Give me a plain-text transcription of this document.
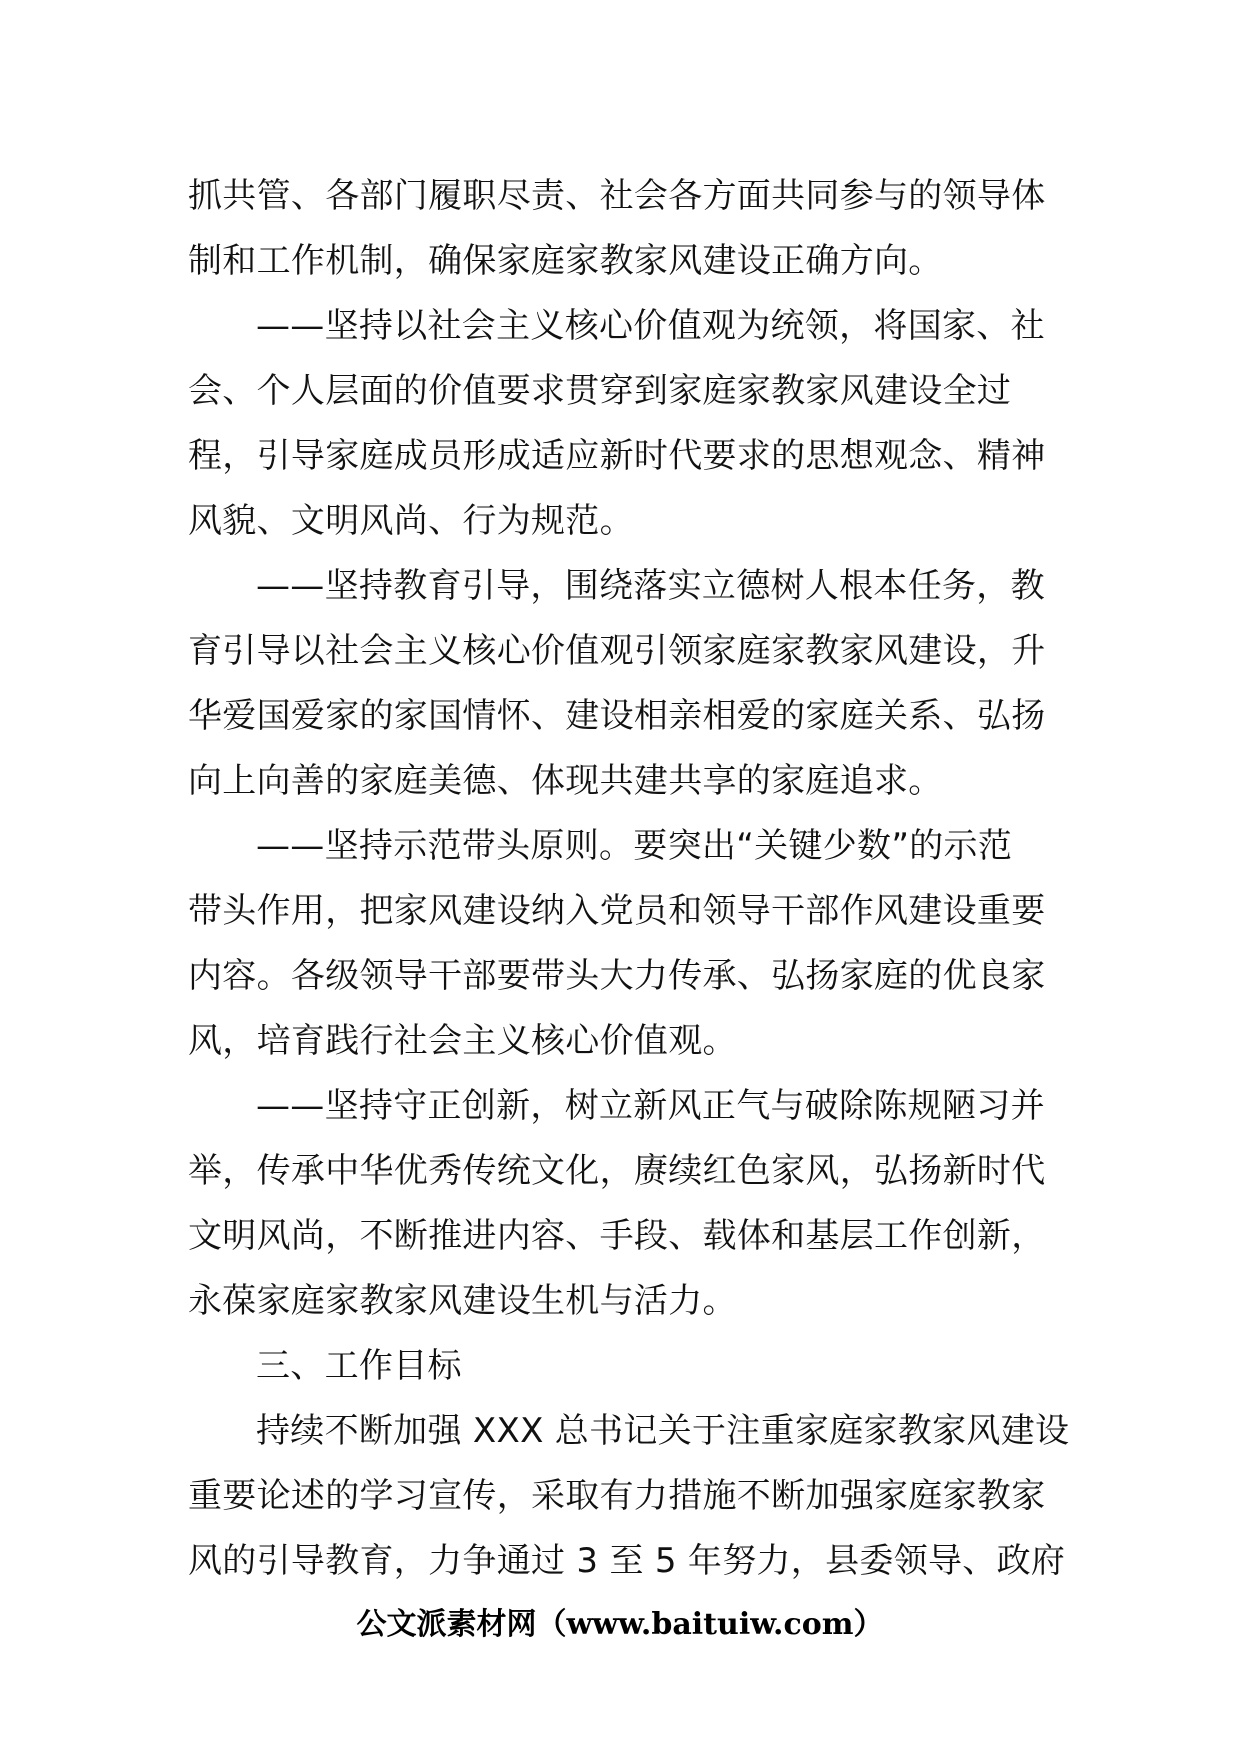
抓共管、各部门履职尽责、社会各方面共同参与的领导体
制和工作机制，确保家庭家教家风建设正确方向。
——坚持以社会主义核心价值观为统领，将国家、社
会、个人层面的价值要求贯穿到家庭家教家风建设全过
程，引导家庭成员形成适应新时代要求的思想观念、精神
风貌、文明风尚、行为规范。
——坚持教育引导，围绕落实立德树人根本任务，教
育引导以社会主义核心价值观引领家庭家教家风建设，升
华爱国爱家的家国情怀、建设相亲相爱的家庭关系、弘扬
向上向善的家庭美德、体现共建共享的家庭追求。
——坚持示范带头原则。要突出“关键少数”的示范
带头作用，把家风建设纳入党员和领导干部作风建设重要
内容。各级领导干部要带头大力传承、弘扬家庭的优良家
风，培育践行社会主义核心价值观。
——坚持守正创新，树立新风正气与破除陈规陋习并
举，传承中华优秀传统文化，赓续红色家风，弘扬新时代
文明风尚，不断推进内容、手段、载体和基层工作创新，
永葆家庭家教家风建设生机与活力。
三、工作目标
持续不断加强 XXX 总书记关于注重家庭家教家风建设
重要论述的学习宣传，采取有力措施不断加强家庭家教家
风的引导教育，力争通过 3 至 5 年努力，县委领导、政府
公文派素材网（www.baituiw.com）
